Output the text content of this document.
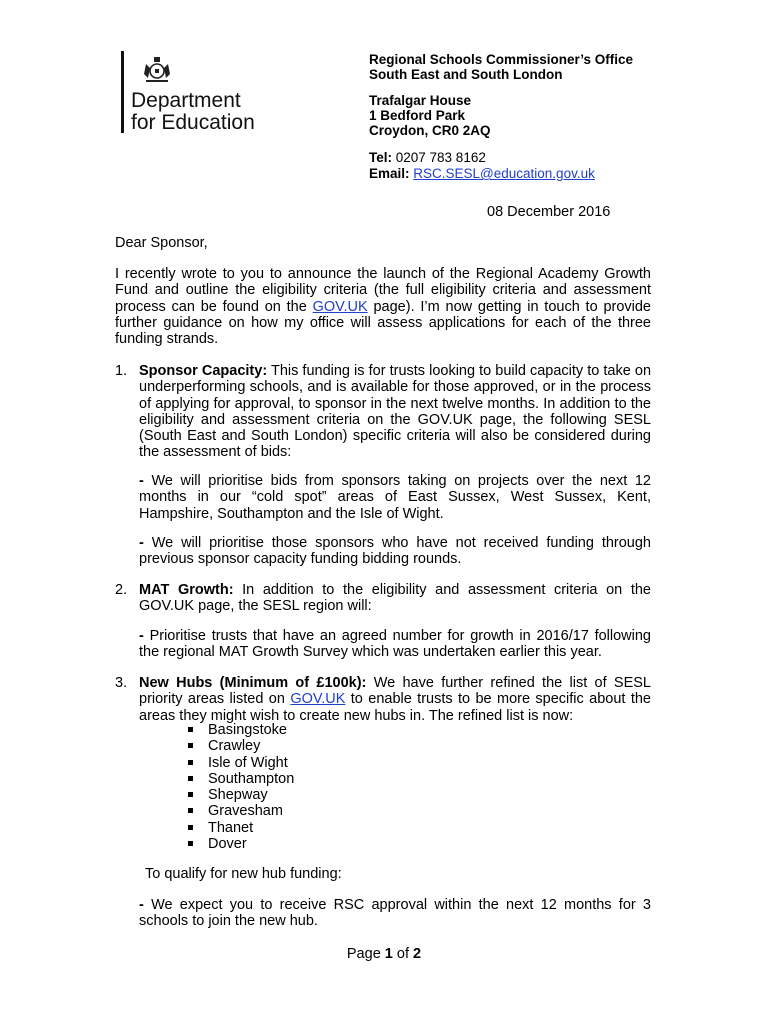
Department
for Education
Regional Schools Commissioner’s Office
South East and South London
Trafalgar House
1 Bedford Park
Croydon, CR0 2AQ
Tel: 0207 783 8162
Email: RSC.SESL@education.gov.uk
08 December 2016
Dear Sponsor,
I recently wrote to you to announce the launch of the Regional Academy Growth Fund and outline the eligibility criteria (the full eligibility criteria and assessment process can be found on the GOV.UK page). I’m now getting in touch to provide further guidance on how my office will assess applications for each of the three funding strands.
1. Sponsor Capacity: This funding is for trusts looking to build capacity to take on underperforming schools, and is available for those approved, or in the process of applying for approval, to sponsor in the next twelve months. In addition to the eligibility and assessment criteria on the GOV.UK page, the following SESL (South East and South London) specific criteria will also be considered during the assessment of bids:
- We will prioritise bids from sponsors taking on projects over the next 12 months in our “cold spot” areas of East Sussex, West Sussex, Kent, Hampshire, Southampton and the Isle of Wight.
- We will prioritise those sponsors who have not received funding through previous sponsor capacity funding bidding rounds.
2. MAT Growth: In addition to the eligibility and assessment criteria on the GOV.UK page, the SESL region will:
- Prioritise trusts that have an agreed number for growth in 2016/17 following the regional MAT Growth Survey which was undertaken earlier this year.
3. New Hubs (Minimum of £100k): We have further refined the list of SESL priority areas listed on GOV.UK to enable trusts to be more specific about the areas they might wish to create new hubs in. The refined list is now:
Basingstoke
Crawley
Isle of Wight
Southampton
Shepway
Gravesham
Thanet
Dover
To qualify for new hub funding:
- We expect you to receive RSC approval within the next 12 months for 3 schools to join the new hub.
Page 1 of 2
